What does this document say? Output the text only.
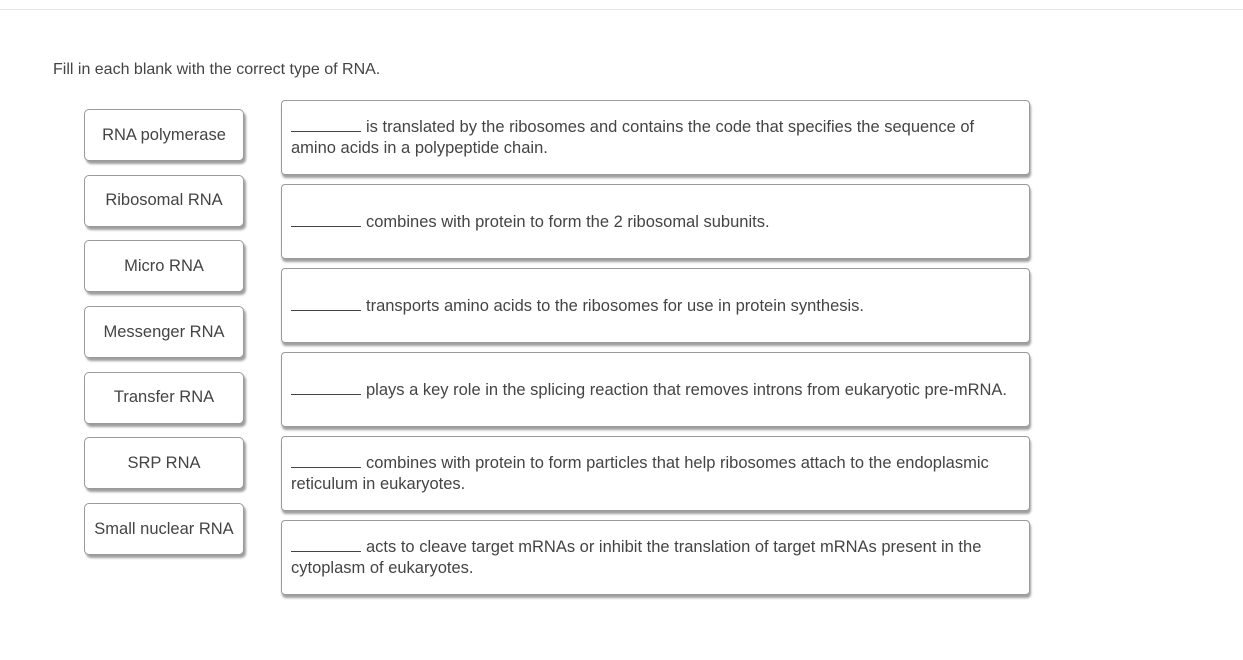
Fill in each blank with the correct type of RNA.
RNA polymerase
Ribosomal RNA
Micro RNA
Messenger RNA
Transfer RNA
SRP RNA
Small nuclear RNA
is translated by the ribosomes and contains the code that specifies the sequence of amino acids in a polypeptide chain.
combines with protein to form the 2 ribosomal subunits.
transports amino acids to the ribosomes for use in protein synthesis.
plays a key role in the splicing reaction that removes introns from eukaryotic pre-mRNA.
combines with protein to form particles that help ribosomes attach to the endoplasmic reticulum in eukaryotes.
acts to cleave target mRNAs or inhibit the translation of target mRNAs present in the cytoplasm of eukaryotes.
